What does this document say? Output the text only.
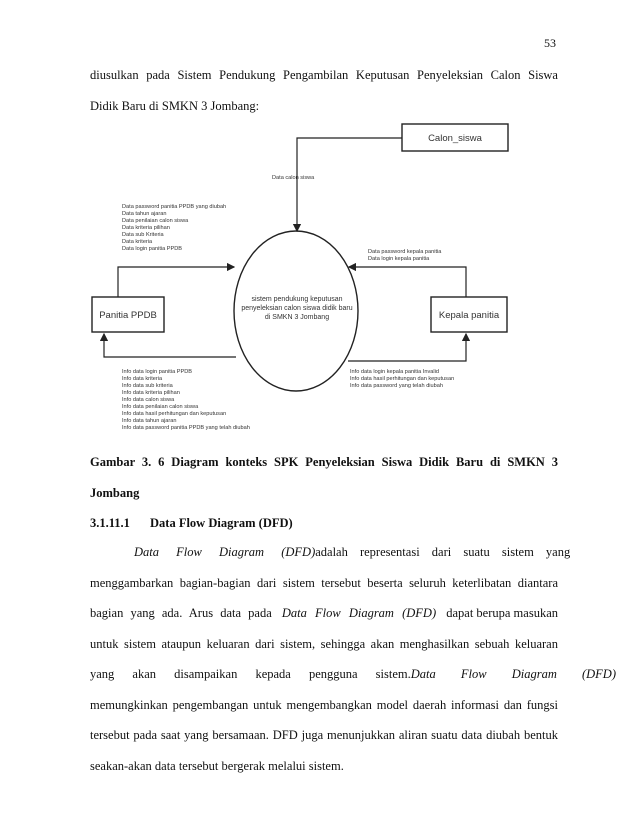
53
diusulkan pada Sistem Pendukung Pengambilan Keputusan Penyeleksian Calon Siswa
Didik Baru di SMKN 3 Jombang:
Calon_siswa
Panitia PPDB	Kepala panitia
sistem pendukung keputusan
penyeleksian calon siswa didik baru
di SMKN 3 Jombang
Data calon siswa
Data password panitia PPDB yang diubah
Data tahun ajaran
Data penilaian calon siswa
Data kriteria pilihan
Data sub Kriteria
Data kriteria
Data login panitia PPDB	Data password kepala panitia
Data login kepala panitia
Info data login panitia PPDB
Info data kriteria
Info data sub kriteria
Info data kriteria pilihan
Info data calon siswa
Info data penilaian calon siswa
Info data hasil perhitungan dan keputusan
Info data tahun ajaran
Info data password panitia PPDB yang telah diubah
Info data login kepala panitia Invalid
Info data hasil perhitungan dan keputusan
Info data password yang telah diubah
Gambar 3. 6 Diagram konteks SPK Penyeleksian Siswa Didik Baru di SMKN 3
Jombang
3.1.11.1 Data Flow Diagram (DFD)
Data Flow Diagram (DFD) adalah representasi dari suatu sistem yang
menggambarkan bagian-bagian dari sistem tersebut beserta seluruh keterlibatan diantara
bagian yang ada. Arus data pada Data Flow Diagram (DFD) dapat berupa masukan
untuk sistem ataupun keluaran dari sistem, sehingga akan menghasilkan sebuah keluaran
yang akan disampaikan kepada pengguna sistem. Data Flow Diagram (DFD)
memungkinkan pengembangan untuk mengembangkan model daerah informasi dan fungsi
tersebut pada saat yang bersamaan. DFD juga menunjukkan aliran suatu data diubah bentuk
seakan-akan data tersebut bergerak melalui sistem.
